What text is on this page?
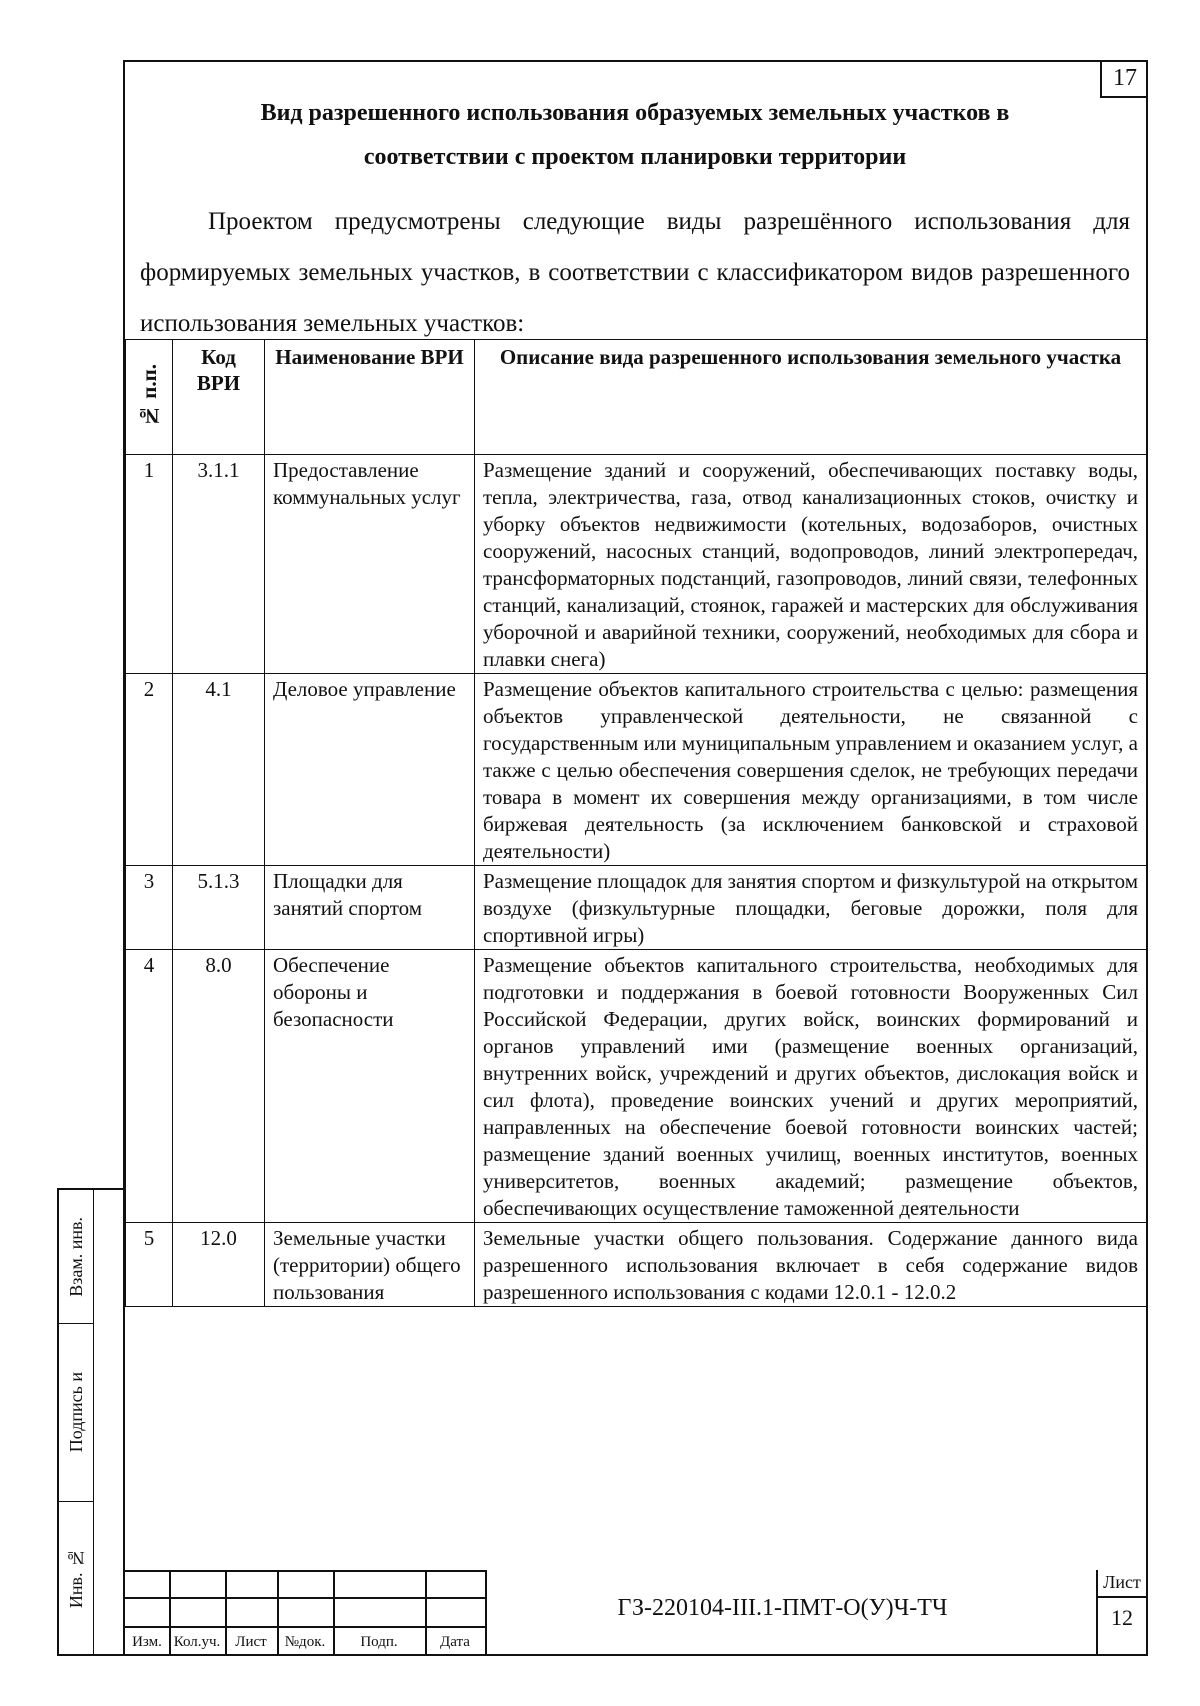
17
Вид разрешенного использования образуемых земельных участков в
соответствии с проектом планировки территории
Проектом предусмотрены следующие виды разрешённого использования для формируемых земельных участков, в соответствии с классификатором видов разрешенного использования земельных участков:
№ п.п.	Код ВРИ	Наименование ВРИ	Описание вида разрешенного использования земельного участка
1	3.1.1	Предоставление коммунальных услуг	Размещение зданий и сооружений, обеспечивающих поставку воды, тепла, электричества, газа, отвод канализационных стоков, очистку и уборку объектов недвижимости (котельных, водозаборов, очистных сооружений, насосных станций, водопроводов, линий электропередач, трансформаторных подстанций, газопроводов, линий связи, телефонных станций, канализаций, стоянок, гаражей и мастерских для обслуживания уборочной и аварийной техники, сооружений, необходимых для сбора и плавки снега)
2	4.1	Деловое управление	Размещение объектов капитального строительства с целью: размещения объектов управленческой деятельности, не связанной с государственным или муниципальным управлением и оказанием услуг, а также с целью обеспечения совершения сделок, не требующих передачи товара в момент их совершения между организациями, в том числе биржевая деятельность (за исключением банковской и страховой деятельности)
3	5.1.3	Площадки для занятий спортом	Размещение площадок для занятия спортом и физкультурой на открытом воздухе (физкультурные площадки, беговые дорожки, поля для спортивной игры)
4	8.0	Обеспечение обороны и безопасности	Размещение объектов капитального строительства, необходимых для подготовки и поддержания в боевой готовности Вооруженных Сил Российской Федерации, других войск, воинских формирований и органов управлений ими (размещение военных организаций, внутренних войск, учреждений и других объектов, дислокация войск и сил флота), проведение воинских учений и других мероприятий, направленных на обеспечение боевой готовности воинских частей; размещение зданий военных училищ, военных институтов, военных университетов, военных академий; размещение объектов, обеспечивающих осуществление таможенной деятельности
5	12.0	Земельные участки (территории) общего пользования	Земельные участки общего пользования. Содержание данного вида разрешенного использования включает в себя содержание видов разрешенного использования с кодами 12.0.1 - 12.0.2
Взам. инв.
Подпись и
Инв. №
Изм. Кол.уч. Лист	№док.	Подп.	Дата
ГЗ-220104-III.1-ПМТ-О(У)Ч-ТЧ
Лист
12
